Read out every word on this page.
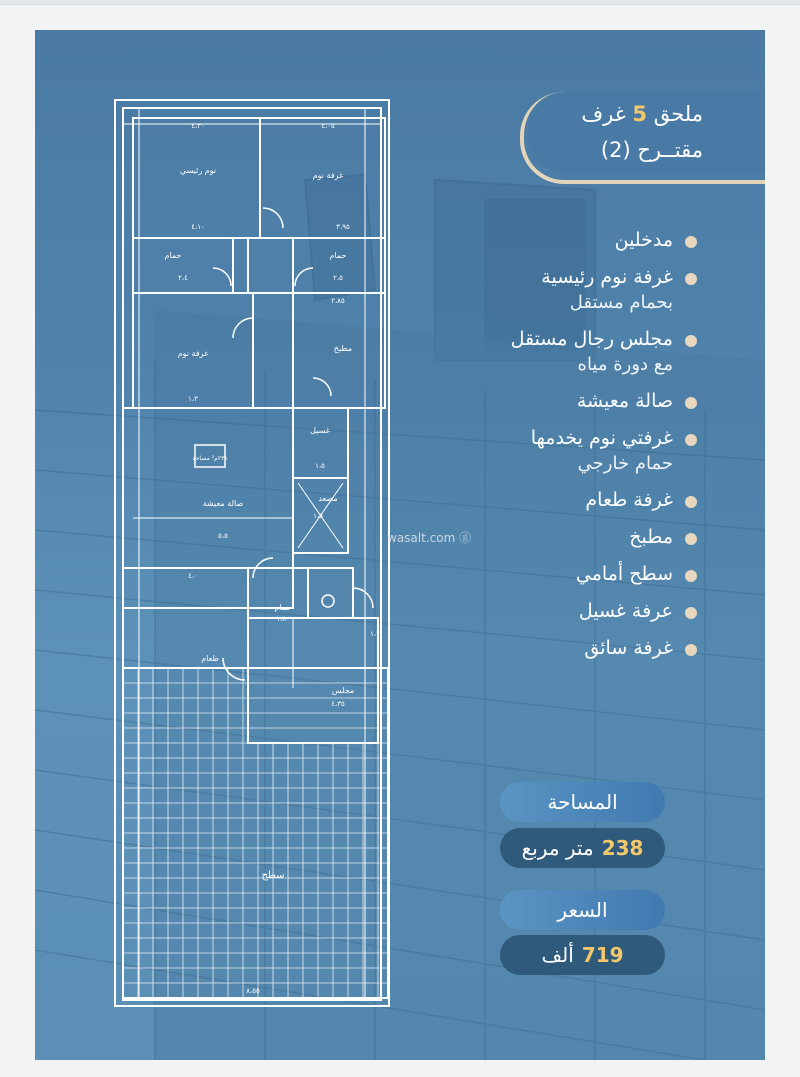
نوم رئيسي
غرفة نوم
حمام	حمام
غرفة نوم
مطبخ
غسيل
مصعد
صالة معيشة
٢٣٨م² مساحة
طعام
حمام
مجلس
سطح
٤،٣٠	٤،٠٥
٤،١٠	٣،٩٥
٢،٤	٢،٥
٢،٨٥
١،٣
٥،٥
١،٥
١،٥
١،٨٠
٤،٠
١،٢
٤،٣٥
٨،٥٥
wasalt.com ⓖ
ملحق 5 غرف
مقتــرح (2)
مدخلين
غرفة نوم رئيسية
بحمام مستقل
مجلس رجال مستقل
مع دورة مياه
صالة معيشة
غرفتي نوم يخدمها
حمام خارجي
غرفة طعام
مطبخ
سطح أمامي
عرفة غسيل
غرفة سائق
المساحة
238
متر مربع
السعر
719
ألف
